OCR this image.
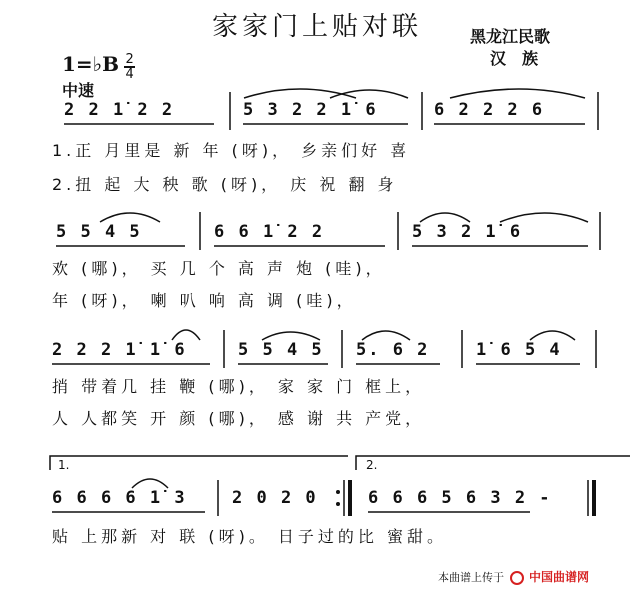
家家门上贴对联	黑龙江民歌
汉　族
1=♭B $\frac{2}{4}$
中速
2 2 1̇ 2 2	5 3 2 2 1̇ 6	6 2 2 2 6
1.正 月里是 新 年 (呀)， 乡亲们好 喜
2.扭 起 大 秧 歌 (呀)， 庆 祝 翻 身
5 5 4 5	6 6 1̇ 2 2	5 3 2 1̇ 6
欢 (哪)， 买 几 个 高 声 炮 (哇)，
年 (呀)， 喇 叭 响 高 调 (哇)，
2 2 2 1̇ 1̇ 6	5 5 4 5 5. 6 2	1̇ 6 5 4
捎 带着几 挂 鞭 (哪)， 家 家 门 框上，
人 人都笑 开 颜 (哪)， 感 谢 共 产党，
1.	2.
6 6 6 6 1̇ 3	2 0 2 0	6 6 6 5 6 3 2 -
贴 上那新 对 联 (呀)。 日子过的比 蜜甜。
本曲谱上传于 中国曲谱网
